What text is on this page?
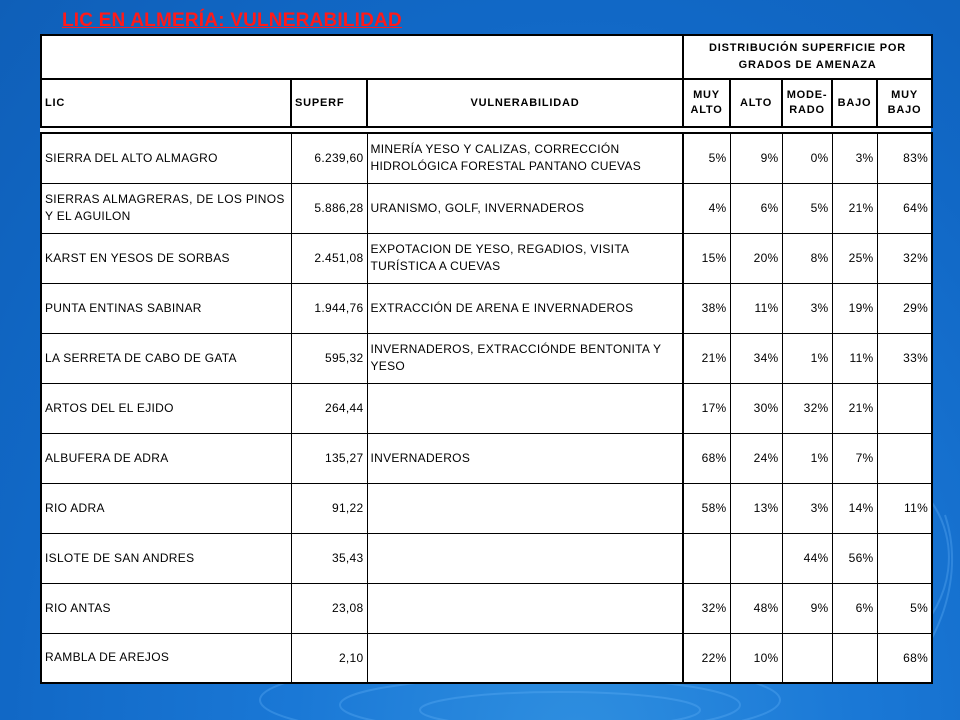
LIC EN ALMERÍA: VULNERABILIDAD
			DISTRIBUCIÓN SUPERFICIE POR GRADOS DE AMENAZA				
LIC	SUPERF	VULNERABILIDAD	MUY ALTO	ALTO	MODE-RADO	BAJO	MUY BAJO

SIERRA DEL ALTO ALMAGRO	6.239,60	MINERÍA YESO Y CALIZAS, CORRECCIÓN HIDROLÓGICA FORESTAL PANTANO CUEVAS	5%	9%	0%	3%	83%
SIERRAS ALMAGRERAS, DE LOS PINOS Y EL AGUILON	5.886,28	URANISMO, GOLF, INVERNADEROS	4%	6%	5%	21%	64%
KARST EN YESOS DE SORBAS	2.451,08	EXPOTACION DE YESO, REGADIOS, VISITA TURÍSTICA A CUEVAS	15%	20%	8%	25%	32%
PUNTA ENTINAS SABINAR	1.944,76	EXTRACCIÓN DE ARENA E INVERNADEROS	38%	11%	3%	19%	29%
LA SERRETA DE CABO DE GATA	595,32	INVERNADEROS, EXTRACCIÓNDE BENTONITA Y YESO	21%	34%	1%	11%	33%
ARTOS DEL EL EJIDO	264,44		17%	30%	32%	21%	
ALBUFERA DE ADRA	135,27	INVERNADEROS	68%	24%	1%	7%	
RIO ADRA	91,22		58%	13%	3%	14%	11%
ISLOTE DE SAN ANDRES	35,43				44%	56%	
RIO ANTAS	23,08		32%	48%	9%	6%	5%
RAMBLA DE AREJOS	2,10		22%	10%			68%
